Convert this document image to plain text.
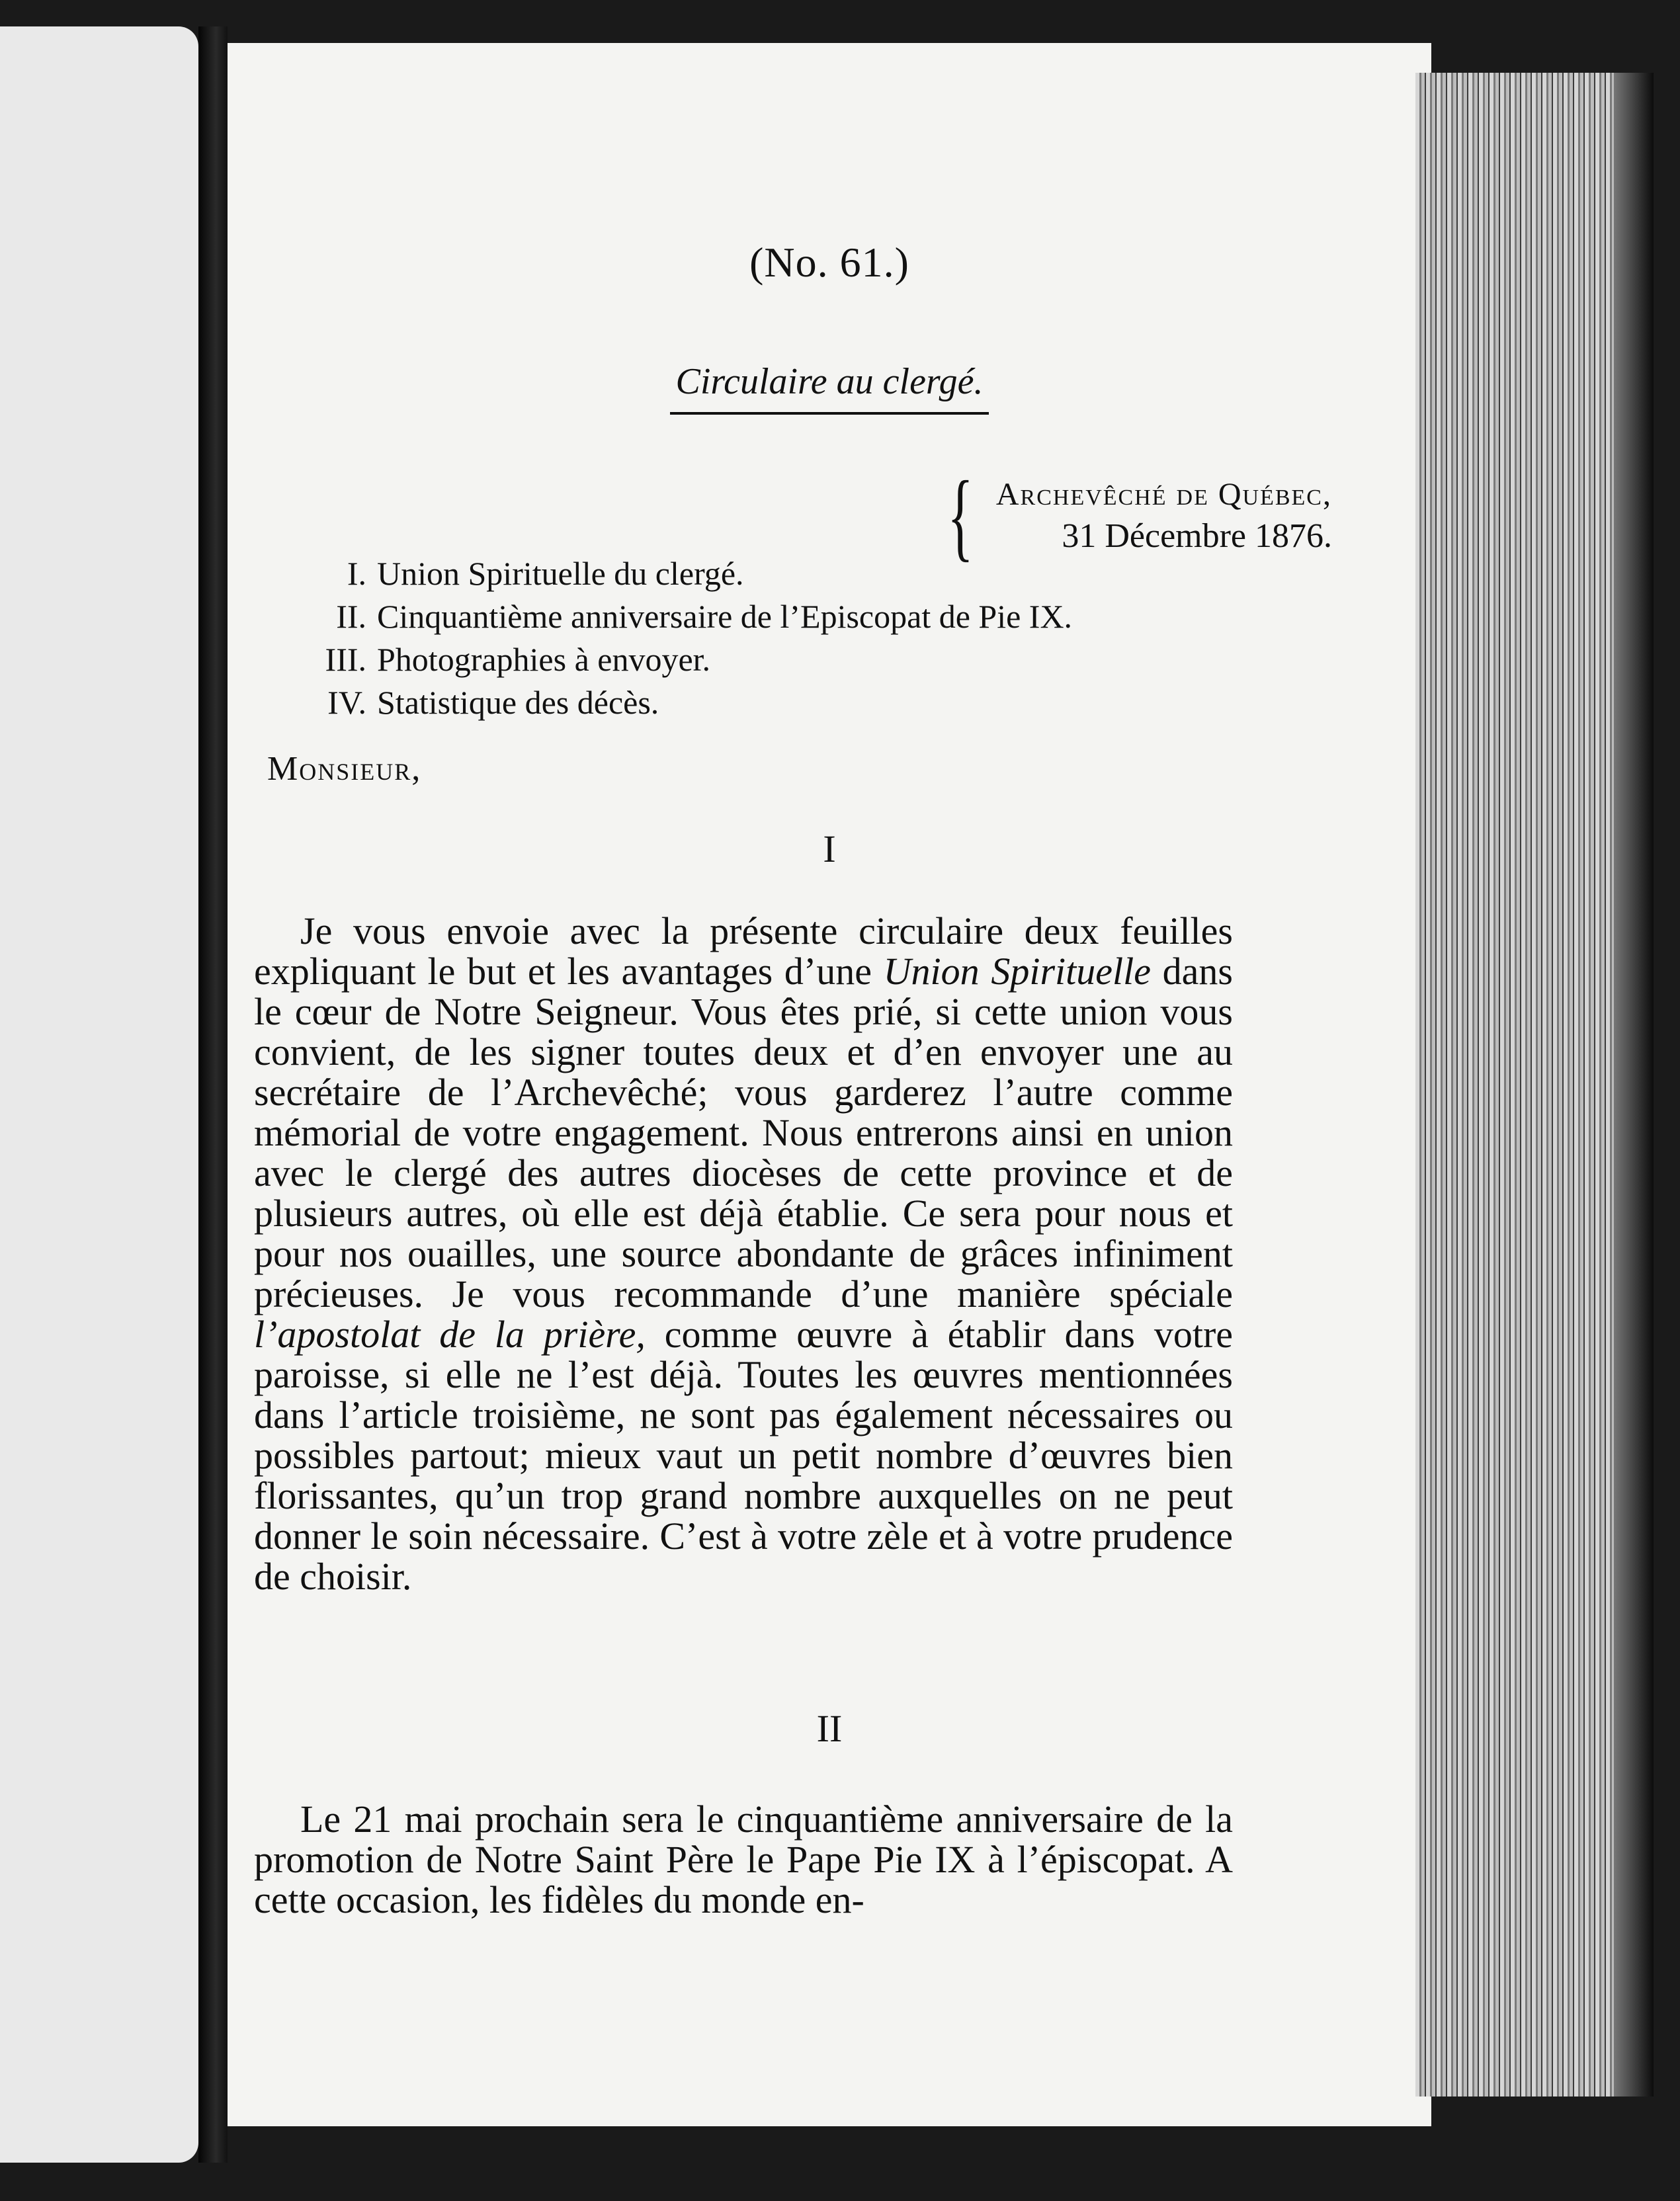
(No. 61.)
Circulaire au clergé.
{ Archevêché de Québec,
31 Décembre 1876.
I. Union Spirituelle du clergé.
II. Cinquantième anniversaire de l’Episcopat de Pie IX.
III. Photographies à envoyer.
IV. Statistique des décès.
Monsieur,
I

Je vous envoie avec la présente circulaire deux feuilles expliquant le but et les avantages d’une Union Spirituelle dans le cœur de Notre Seigneur. Vous êtes prié, si cette union vous convient, de les signer toutes deux et d’en envoyer une au secrétaire de l’Archevêché; vous garderez l’autre comme mémorial de votre engagement. Nous entrerons ainsi en union avec le clergé des autres diocèses de cette province et de plusieurs autres, où elle est déjà établie. Ce sera pour nous et pour nos ouailles, une source abondante de grâces infiniment précieuses. Je vous recommande d’une manière spéciale l’apostolat de la prière, comme œuvre à établir dans votre paroisse, si elle ne l’est déjà. Toutes les œuvres mentionnées dans l’article troisième, ne sont pas également nécessaires ou possibles partout; mieux vaut un petit nombre d’œuvres bien florissantes, qu’un trop grand nombre auxquelles on ne peut donner le soin nécessaire. C’est à votre zèle et à votre prudence de choisir.

II

Le 21 mai prochain sera le cinquantième anniversaire de la promotion de Notre Saint Père le Pape Pie IX à l’épiscopat. A cette occasion, les fidèles du monde en-
